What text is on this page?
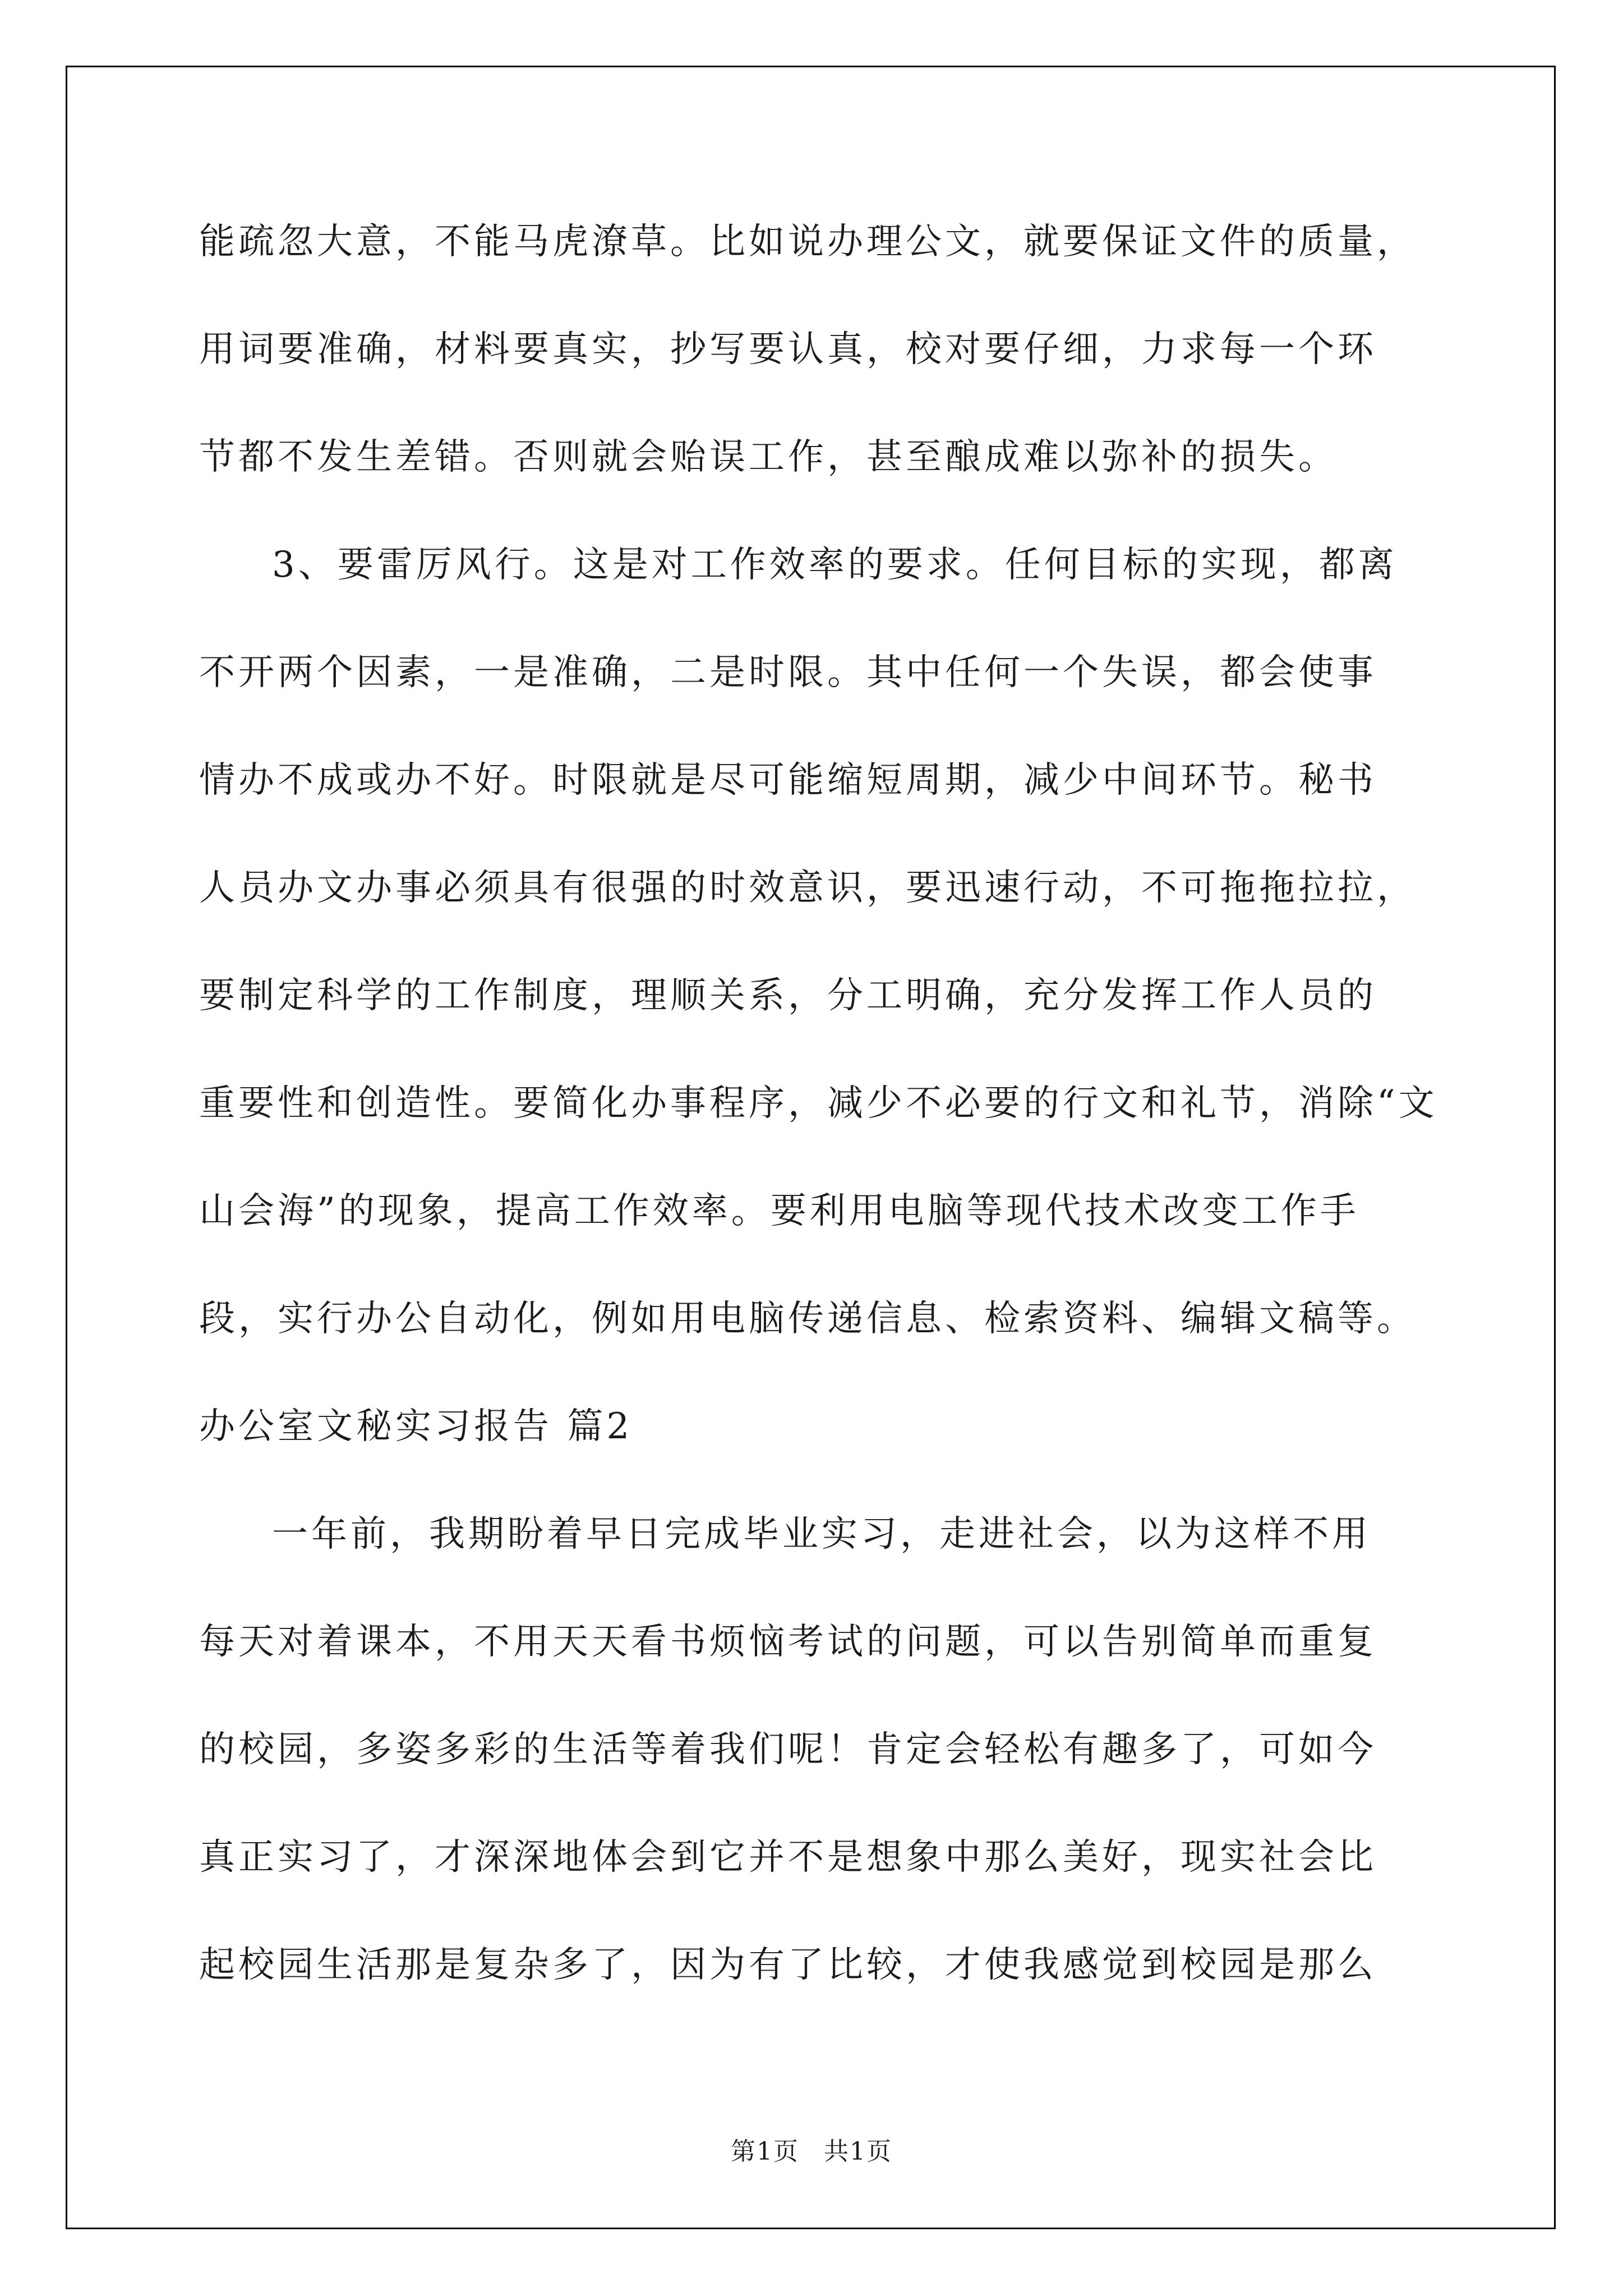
能疏忽大意，不能马虎潦草。比如说办理公文，就要保证文件的质量，
用词要准确，材料要真实，抄写要认真，校对要仔细，力求每一个环
节都不发生差错。否则就会贻误工作，甚至酿成难以弥补的损失。
3、要雷厉风行。这是对工作效率的要求。任何目标的实现，都离
不开两个因素，一是准确，二是时限。其中任何一个失误，都会使事
情办不成或办不好。时限就是尽可能缩短周期，减少中间环节。秘书
人员办文办事必须具有很强的时效意识，要迅速行动，不可拖拖拉拉，
要制定科学的工作制度，理顺关系，分工明确，充分发挥工作人员的
重要性和创造性。要简化办事程序，减少不必要的行文和礼节，消除“文
山会海”的现象，提高工作效率。要利用电脑等现代技术改变工作手
段，实行办公自动化，例如用电脑传递信息、检索资料、编辑文稿等。
办公室文秘实习报告 篇2
一年前，我期盼着早日完成毕业实习，走进社会，以为这样不用
每天对着课本，不用天天看书烦恼考试的问题，可以告别简单而重复
的校园，多姿多彩的生活等着我们呢！肯定会轻松有趣多了，可如今
真正实习了，才深深地体会到它并不是想象中那么美好，现实社会比
起校园生活那是复杂多了，因为有了比较，才使我感觉到校园是那么
第1页 共1页
